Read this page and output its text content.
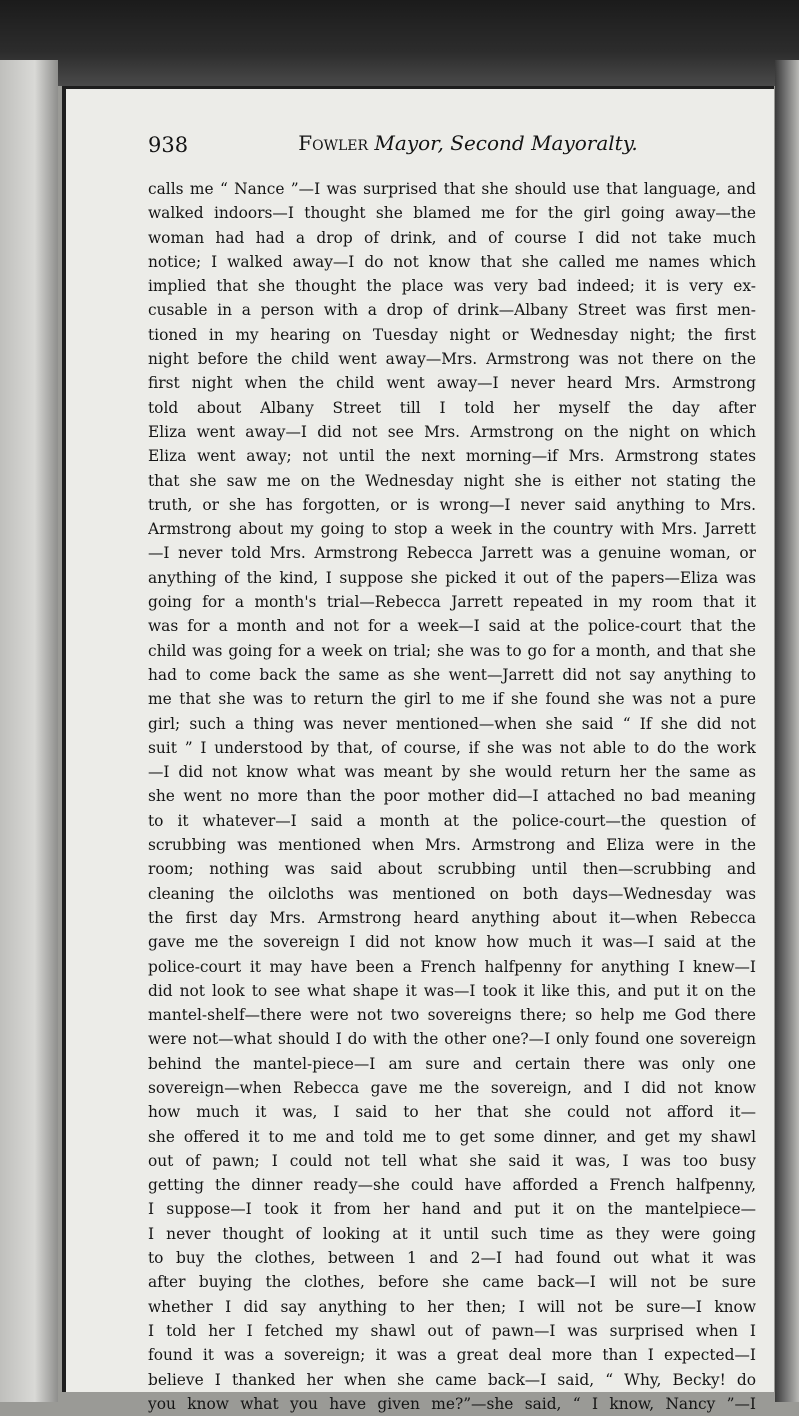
938	Fowler Mayor, Second Mayoralty.
calls me “ Nance ”—I was surprised that she should use that language, and
walked indoors—I thought she blamed me for the girl going away—the
woman had had a drop of drink, and of course I did not take much
notice; I walked away—I do not know that she called me names which
implied that she thought the place was very bad indeed; it is very ex-
cusable in a person with a drop of drink—Albany Street was first men-
tioned in my hearing on Tuesday night or Wednesday night; the first
night before the child went away—Mrs. Armstrong was not there on the
first night when the child went away—I never heard Mrs. Armstrong
told about Albany Street till I told her myself the day after
Eliza went away—I did not see Mrs. Armstrong on the night on which
Eliza went away; not until the next morning—if Mrs. Armstrong states
that she saw me on the Wednesday night she is either not stating the
truth, or she has forgotten, or is wrong—I never said anything to Mrs.
Armstrong about my going to stop a week in the country with Mrs. Jarrett
—I never told Mrs. Armstrong Rebecca Jarrett was a genuine woman, or
anything of the kind, I suppose she picked it out of the papers—Eliza was
going for a month's trial—Rebecca Jarrett repeated in my room that it
was for a month and not for a week—I said at the police-court that the
child was going for a week on trial; she was to go for a month, and that she
had to come back the same as she went—Jarrett did not say anything to
me that she was to return the girl to me if she found she was not a pure
girl; such a thing was never mentioned—when she said “ If she did not
suit ” I understood by that, of course, if she was not able to do the work
—I did not know what was meant by she would return her the same as
she went no more than the poor mother did—I attached no bad meaning
to it whatever—I said a month at the police-court—the question of
scrubbing was mentioned when Mrs. Armstrong and Eliza were in the
room; nothing was said about scrubbing until then—scrubbing and
cleaning the oilcloths was mentioned on both days—Wednesday was
the first day Mrs. Armstrong heard anything about it—when Rebecca
gave me the sovereign I did not know how much it was—I said at the
police-court it may have been a French halfpenny for anything I knew—I
did not look to see what shape it was—I took it like this, and put it on the
mantel-shelf—there were not two sovereigns there; so help me God there
were not—what should I do with the other one?—I only found one sovereign
behind the mantel-piece—I am sure and certain there was only one
sovereign—when Rebecca gave me the sovereign, and I did not know
how much it was, I said to her that she could not afford it—
she offered it to me and told me to get some dinner, and get my shawl
out of pawn; I could not tell what she said it was, I was too busy
getting the dinner ready—she could have afforded a French halfpenny,
I suppose—I took it from her hand and put it on the mantelpiece—
I never thought of looking at it until such time as they were going
to buy the clothes, between 1 and 2—I had found out what it was
after buying the clothes, before she came back—I will not be sure
whether I did say anything to her then; I will not be sure—I know
I told her I fetched my shawl out of pawn—I was surprised when I
found it was a sovereign; it was a great deal more than I expected—I
believe I thanked her when she came back—I said, “ Why, Becky! do
you know what you have given me?”—she said, “ I know, Nancy ”—I
